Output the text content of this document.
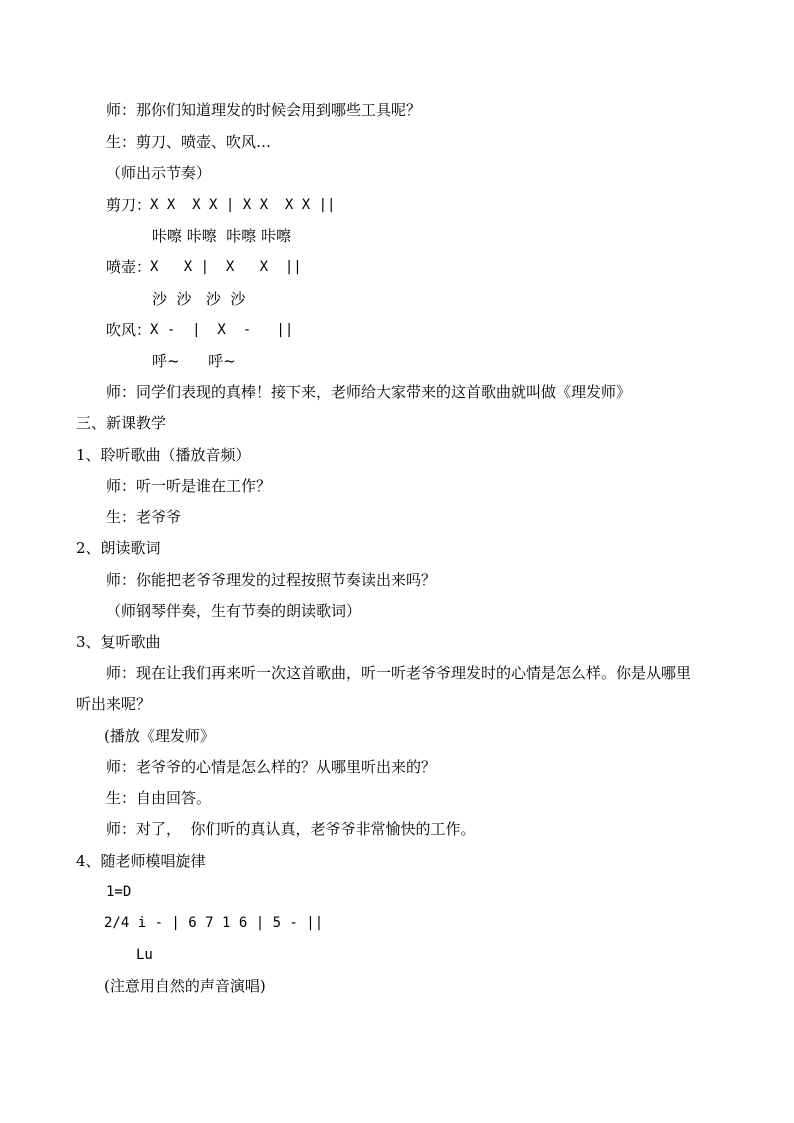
师：那你们知道理发的时候会用到哪些工具呢？

生：剪刀、喷壶、吹风…

（师出示节奏）

剪刀：

X X  X X | X X  X X ||

咔嚓 咔嚓  咔嚓 咔嚓

喷壶：

X   X |  X   X  ||

沙  沙   沙  沙

吹风：

X -  |  X  -   ||

呼~      呼~

师：同学们表现的真棒！接下来，老师给大家带来的这首歌曲就叫做《理发师》

三、新课教学

1、聆听歌曲（播放音频）

师：听一听是谁在工作？

生：老爷爷

2、朗读歌词

师：你能把老爷爷理发的过程按照节奏读出来吗？

（师钢琴伴奏，生有节奏的朗读歌词）

3、复听歌曲

师：现在让我们再来听一次这首歌曲，听一听老爷爷理发时的心情是怎么样。你是从哪里

听出来呢？

(播放《理发师》

师：老爷爷的心情是怎么样的？从哪里听出来的？

生：自由回答。

师：对了，  你们听的真认真，老爷爷非常愉快的工作。

4、随老师模唱旋律

1=D

2/4 i - | 6 7 1 6 | 5 - ||

Lu

(注意用自然的声音演唱)
